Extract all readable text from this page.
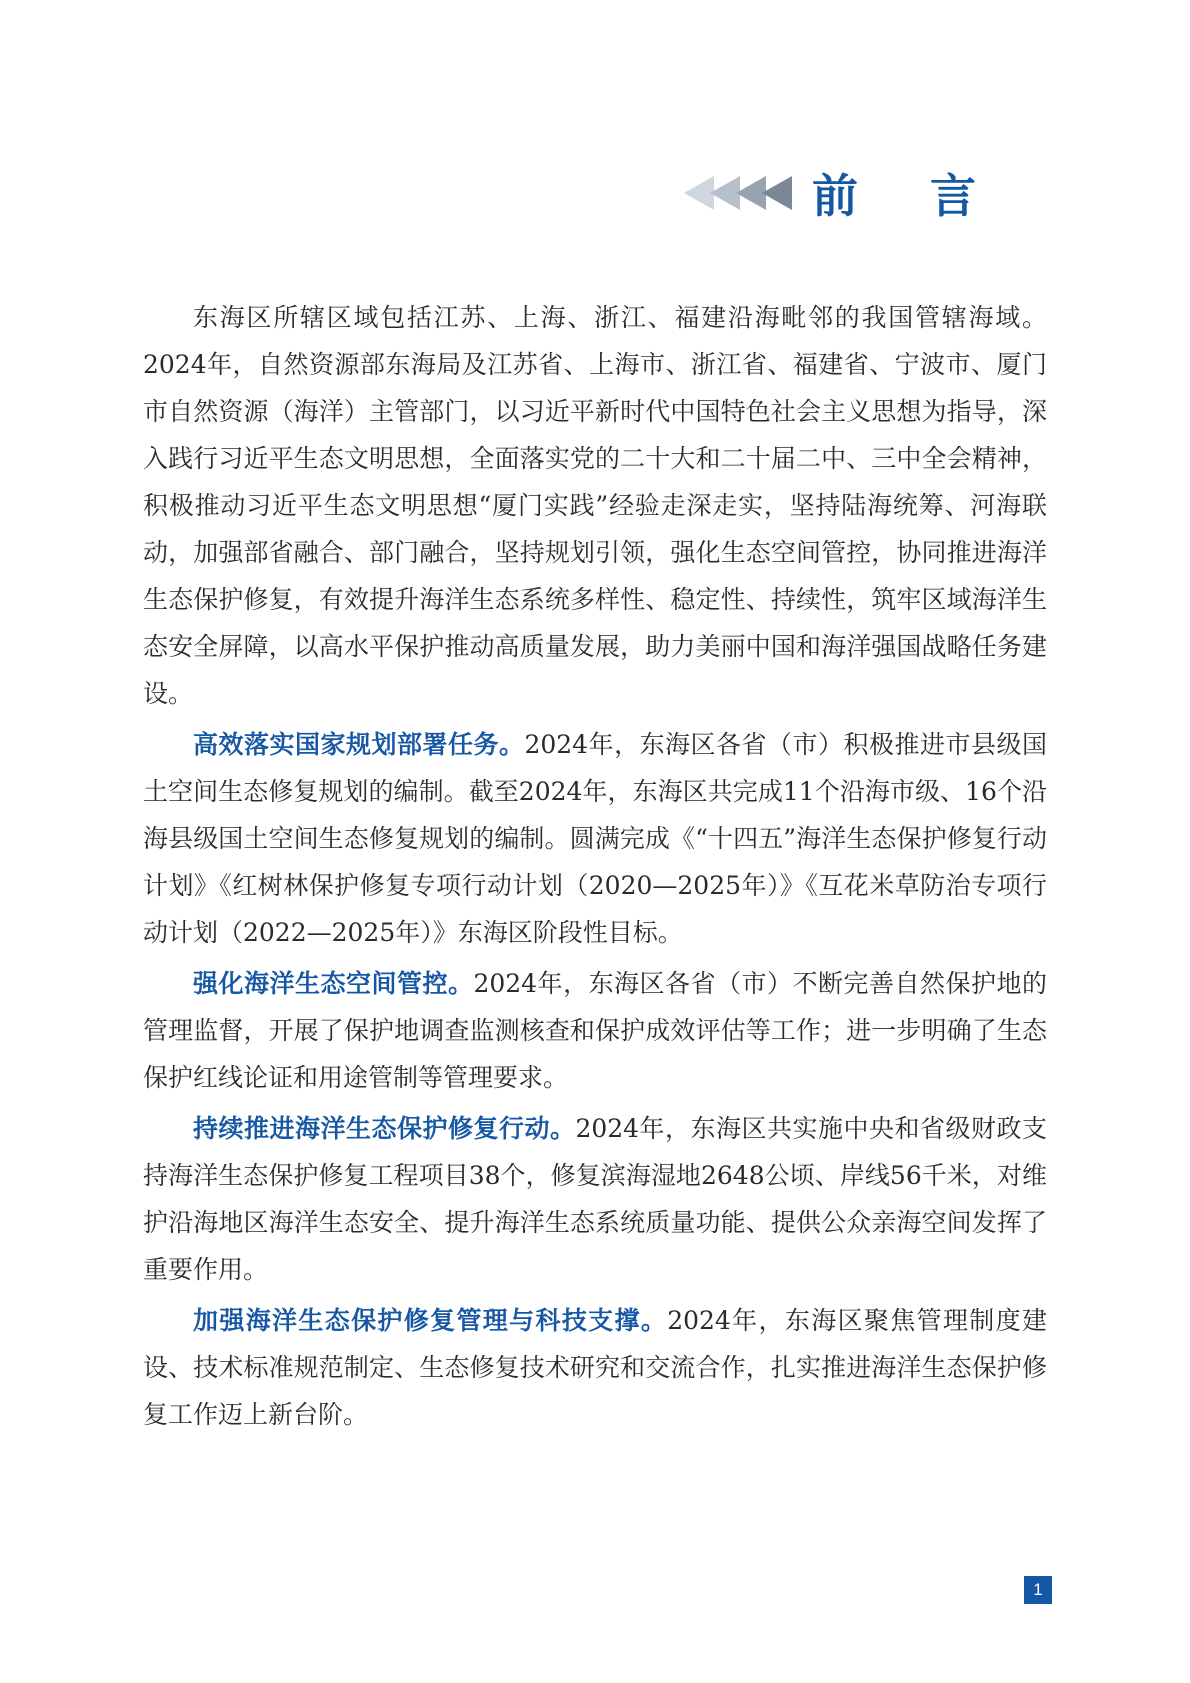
前 言

东海区所辖区域包括江苏、上海、浙江、福建沿海毗邻的我国管辖海域。2024年，自然资源部东海局及江苏省、上海市、浙江省、福建省、宁波市、厦门市自然资源（海洋）主管部门，以习近平新时代中国特色社会主义思想为指导，深入践行习近平生态文明思想，全面落实党的二十大和二十届二中、三中全会精神，积极推动习近平生态文明思想“厦门实践”经验走深走实，坚持陆海统筹、河海联动，加强部省融合、部门融合，坚持规划引领，强化生态空间管控，协同推进海洋生态保护修复，有效提升海洋生态系统多样性、稳定性、持续性，筑牢区域海洋生态安全屏障，以高水平保护推动高质量发展，助力美丽中国和海洋强国战略任务建设。

高效落实国家规划部署任务。2024年，东海区各省（市）积极推进市县级国土空间生态修复规划的编制。截至2024年，东海区共完成11个沿海市级、16个沿海县级国土空间生态修复规划的编制。圆满完成《“十四五”海洋生态保护修复行动计划》《红树林保护修复专项行动计划（2020—2025年）》《互花米草防治专项行动计划（2022—2025年）》东海区阶段性目标。

强化海洋生态空间管控。2024年，东海区各省（市）不断完善自然保护地的管理监督，开展了保护地调查监测核查和保护成效评估等工作；进一步明确了生态保护红线论证和用途管制等管理要求。

持续推进海洋生态保护修复行动。2024年，东海区共实施中央和省级财政支持海洋生态保护修复工程项目38个，修复滨海湿地2648公顷、岸线56千米，对维护沿海地区海洋生态安全、提升海洋生态系统质量功能、提供公众亲海空间发挥了重要作用。

加强海洋生态保护修复管理与科技支撑。2024年，东海区聚焦管理制度建设、技术标准规范制定、生态修复技术研究和交流合作，扎实推进海洋生态保护修复工作迈上新台阶。

1
